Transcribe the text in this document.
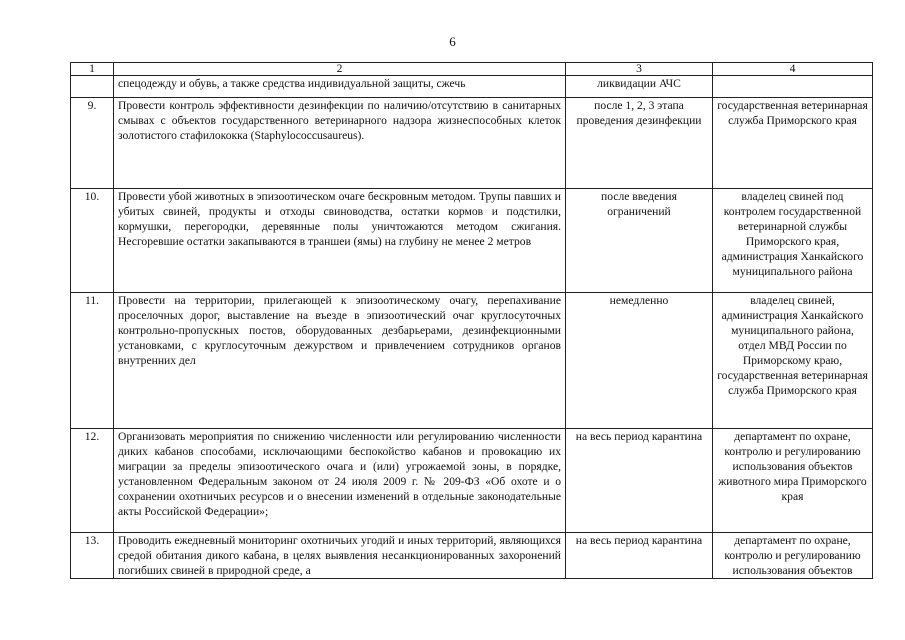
6
1	2	3	4
	спецодежду и обувь, а также средства индивидуальной защиты, сжечь	ликвидации АЧС	
9.	Провести контроль эффективности дезинфекции по наличию/отсутствию в санитарных смывах с объектов государственного ветеринарного надзора жизнеспособных клеток золотистого стафилококка (Staphylococcusaureus).	после 1, 2, 3 этапа проведения дезинфекции	государственная ветеринарная служба Приморского края
10.	Провести убой животных в эпизоотическом очаге бескровным методом. Трупы павших и убитых свиней, продукты и отходы свиноводства, остатки кормов и подстилки, кормушки, перегородки, деревянные полы уничтожаются методом сжигания. Несгоревшие остатки закапываются в траншеи (ямы) на глубину не менее 2 метров	после введения ограничений	владелец свиней под контролем государственной ветеринарной службы Приморского края, администрация Ханкайского муниципального района
11.	Провести на территории, прилегающей к эпизоотическому очагу, перепахивание проселочных дорог, выставление на въезде в эпизоотический очаг круглосуточных контрольно-пропускных постов, оборудованных дезбарьерами, дезинфекционными установками, с круглосуточным дежурством и привлечением сотрудников органов внутренних дел	немедленно	владелец свиней, администрация Ханкайского муниципального района, отдел МВД России по Приморскому краю, государственная ветеринарная служба Приморского края
12.	Организовать мероприятия по снижению численности или регулированию численности диких кабанов способами, исключающими беспокойство кабанов и провокацию их миграции за пределы эпизоотического очага и (или) угрожаемой зоны, в порядке, установленном Федеральным законом от 24 июля 2009 г. № 209-ФЗ «Об охоте и о сохранении охотничьих ресурсов и о внесении изменений в отдельные законодательные акты Российской Федерации»;	на весь период карантина	департамент по охране, контролю и регулированию использования объектов животного мира Приморского края
13.	Проводить ежедневный мониторинг охотничьих угодий и иных территорий, являющихся средой обитания дикого кабана, в целях выявления несанкционированных захоронений погибших свиней в природной среде, а	на весь период карантина	департамент по охране, контролю и регулированию использования объектов
